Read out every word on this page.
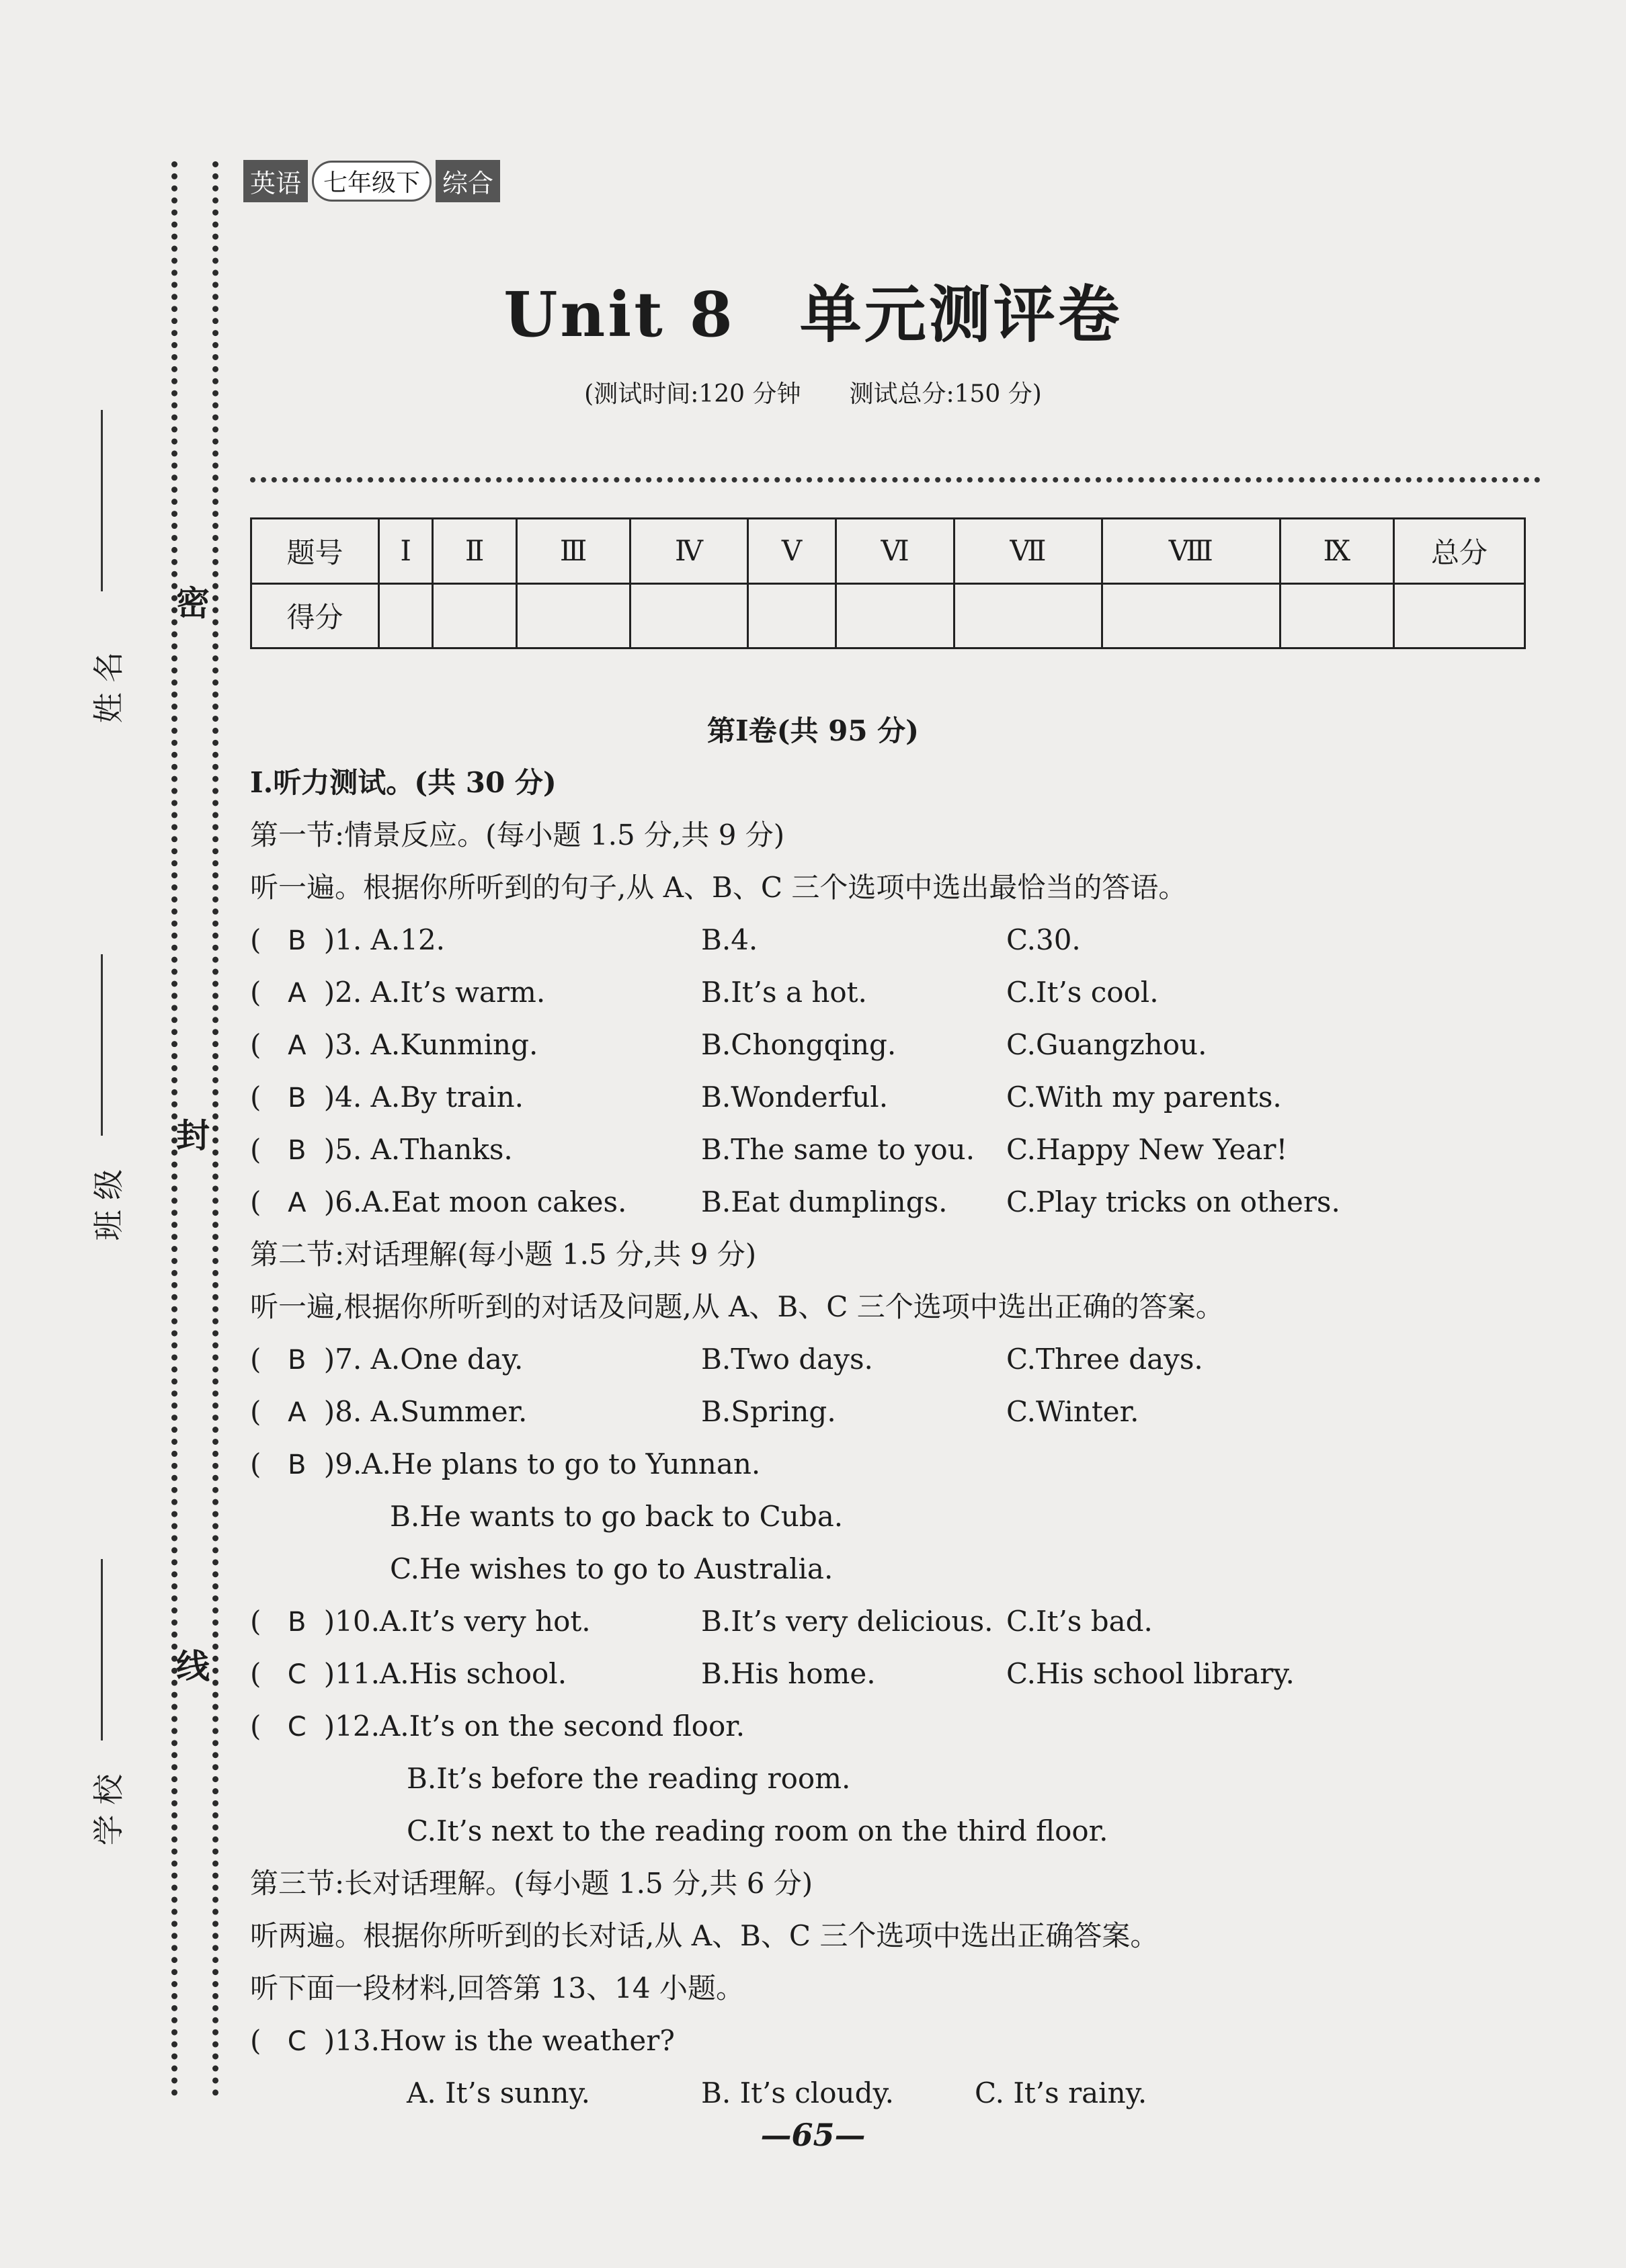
姓 名
班 级
学 校
密
封
线
英语 七年级下 综合
Unit 8　单元测评卷
(测试时间:120 分钟　　测试总分:150 分)
题号	Ⅰ	Ⅱ	Ⅲ	Ⅳ	Ⅴ	Ⅵ	Ⅶ	Ⅷ	Ⅸ	总分
得分										
第Ⅰ卷(共 95 分)
Ⅰ.听力测试。(共 30 分)
第一节:情景反应。(每小题 1.5 分,共 9 分)
听一遍。根据你所听到的句子,从 A、B、C 三个选项中选出最恰当的答语。
( B )1. A.12.	B.4.	C.30.
( A )2. A.It’s warm.	B.It’s a hot.	C.It’s cool.
( A )3. A.Kunming.	B.Chongqing.	C.Guangzhou.
( B )4. A.By train.	B.Wonderful.	C.With my parents.
( B )5. A.Thanks.	B.The same to you. C.Happy New Year!
( A )6.A.Eat moon cakes.	B.Eat dumplings. C.Play tricks on others.
第二节:对话理解(每小题 1.5 分,共 9 分)
听一遍,根据你所听到的对话及问题,从 A、B、C 三个选项中选出正确的答案。
( B )7. A.One day.	B.Two days.	C.Three days.
( A )8. A.Summer.	B.Spring.	C.Winter.
( B )9.A.He plans to go to Yunnan.
B.He wants to go back to Cuba.
C.He wishes to go to Australia.
( B )10.A.It’s very hot.	B.It’s very delicious. C.It’s bad.
( C )11.A.His school.	B.His home.	C.His school library.
( C )12.A.It’s on the second floor.
B.It’s before the reading room.
C.It’s next to the reading room on the third floor.
第三节:长对话理解。(每小题 1.5 分,共 6 分)
听两遍。根据你所听到的长对话,从 A、B、C 三个选项中选出正确答案。
听下面一段材料,回答第 13、14 小题。
( C )13.How is the weather?
A. It’s sunny.	B. It’s cloudy.	C. It’s rainy.
—65—
